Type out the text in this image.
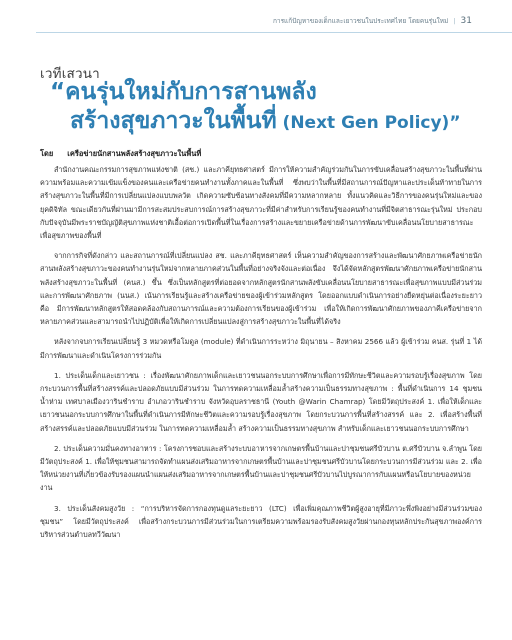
การแก้ปัญหาของเด็กและเยาวชนในประเทศไทย โดยคนรุ่นใหม่ | 31
เวทีเสวนา
“คนรุ่นใหม่กับการสานพลัง
สร้างสุขภาวะในพื้นที่ (Next Gen Policy)”
โดย เครือข่ายนักสานพลังสร้างสุขภาวะในพื้นที่

สำนักงานคณะกรรมการสุขภาพแห่งชาติ (สช.) และภาคียุทธศาสตร์ มีการให้ความสำคัญร่วมกันในการขับเคลื่อนสร้างสุขภาวะในพื้นที่ผ่านความพร้อมและความเข้มแข็งของคนและเครือข่ายคนทำงานทั้งภาคและในพื้นที่ ซึ่งพบว่าในพื้นที่มีสถานการณ์ปัญหาและประเด็นท้าทายในการสร้างสุขภาวะในพื้นที่มีการเปลี่ยนแปลงแบบพลวัต เกิดความซับซ้อนทางสังคมที่มีความหลากหลาย ทั้งแนวคิดและวิธีการของคนรุ่นใหม่และของยุคดิจิทัล ขณะเดียวกันที่ผ่านมามีการสะสมประสบการณ์การสร้างสุขภาวะที่มีค่าสำหรับการเรียนรู้ของคนทำงานที่มีจิตสาธารณะรุ่นใหม่ ประกอบกับปัจจุบันมีพระราชบัญญัติสุขภาพแห่งชาติเอื้อต่อการเปิดพื้นที่ในเรื่องการสร้างและขยายเครือข่ายด้านการพัฒนาขับเคลื่อนนโยบายสาธารณะเพื่อสุขภาพของพื้นที่

จากการกิจที่ดังกล่าว และสถานการณ์ที่เปลี่ยนแปลง สช. และภาคียุทธศาสตร์ เห็นความสำคัญของการสร้างและพัฒนาศักยภาพเครือข่ายนักสานพลังสร้างสุขภาวะของคนทำงานรุ่นใหม่จากหลายภาคส่วนในพื้นที่อย่างจริงจังและต่อเนื่อง จึงได้จัดหลักสูตรพัฒนาศักยภาพเครือข่ายนักสานพลังสร้างสุขภาวะในพื้นที่ (คนส.) ขึ้น ซึ่งเป็นหลักสูตรที่ต่อยอดจากหลักสูตรนักสานพลังขับเคลื่อนนโยบายสาธารณะเพื่อสุขภาพแบบมีส่วนร่วมและการพัฒนาศักยภาพ (นนส.) เน้นการเรียนรู้และสร้างเครือข่ายของผู้เข้าร่วมหลักสูตร โดยออกแบบดำเนินการอย่างยืดหยุ่นต่อเนื่องระยะยาว คือ มีการพัฒนาหลักสูตรให้สอดคล้องกับสถานการณ์และความต้องการเรียนของผู้เข้าร่วม เพื่อให้เกิดการพัฒนาศักยภาพของภาคีเครือข่ายจากหลายภาคส่วนและสามารถนำไปปฏิบัติเพื่อให้เกิดการเปลี่ยนแปลงสู่การสร้างสุขภาวะในพื้นที่ได้จริง

หลังจากจบการเรียนเปลี่ยนรู้ 3 หมวดหรือโมดูล (module) ที่ดำเนินการระหว่าง มิถุนายน – สิงหาคม 2566 แล้ว ผู้เข้าร่วม คนส. รุ่นที่ 1 ได้มีการพัฒนาและดำเนินโครงการร่วมกัน

1. ประเด็นเด็กและเยาวชน : เรื่องพัฒนาศักยภาพเด็กและเยาวชนนอกระบบการศึกษาเพื่อการมีทักษะชีวิตและความรอบรู้เรื่องสุขภาพ โดยกระบวนการพื้นที่สร้างสรรค์และปลอดภัยแบบมีส่วนร่วม ในการทดความเหลื่อมล้ำสร้างความเป็นธรรมทางสุขภาพ : พื้นที่ดำเนินการ 14 ชุมชนน้ำห่าม เทศบาลเมืองวารินชำราบ อำเภอวารินชำราบ จังหวัดอุบลราชธานี (Youth @Warin Chamrap) โดยมีวัตถุประสงค์ 1. เพื่อให้เด็กและเยาวชนนอกระบบการศึกษาในพื้นที่ดำเนินการมีทักษะชีวิตและความรอบรู้เรื่องสุขภาพ โดยกระบวนการพื้นที่สร้างสรรค์ และ 2. เพื่อสร้างพื้นที่สร้างสรรค์และปลอดภัยแบบมีส่วนร่วม ในการทดความเหลื่อมล้ำ สร้างความเป็นธรรมทางสุขภาพ สำหรับเด็กและเยาวชนนอกระบบการศึกษา

2. ประเด็นความมั่นคงทางอาหาร : โครงการชอบและสร้างระบบอาหารจากเกษตรพื้นบ้านและปาชุมชนศรีบัวบาน ต.ศรีบัวบาน จ.ลำพูน โดยมีวัตถุประสงค์ 1. เพื่อให้ชุมชนสามารถจัดทำแผนส่งเสริมอาหารจากเกษตรพื้นบ้านและปาชุมชนศรีบัวบานโดยกระบวนการมีส่วนร่วม และ 2. เพื่อให้หน่วยงานที่เกี่ยวข้องรับรองแผนนำแผนส่งเสริมอาหารจากเกษตรพื้นบ้านและปาชุมชนศรีบัวบานไปบูรณาการกับแผนหรือนโยบายของหน่วยงาน

3. ประเด็นสังคมสูงวัย : “การบริหารจัดการกองทุนดูแลระยะยาว (LTC) เพื่อเพิ่มคุณภาพชีวิตผู้สูงอายุที่มีภาวะพึ่งพิงอย่างมีส่วนร่วมของชุมชน” โดยมีวัตถุประสงค์ เพื่อสร้างกระบวนการมีส่วนร่วมในการเตรียมความพร้อมรองรับสังคมสูงวัยผ่านกองทุนหลักประกันสุขภาพองค์การบริหารส่วนตำบลทวีวัฒนา
